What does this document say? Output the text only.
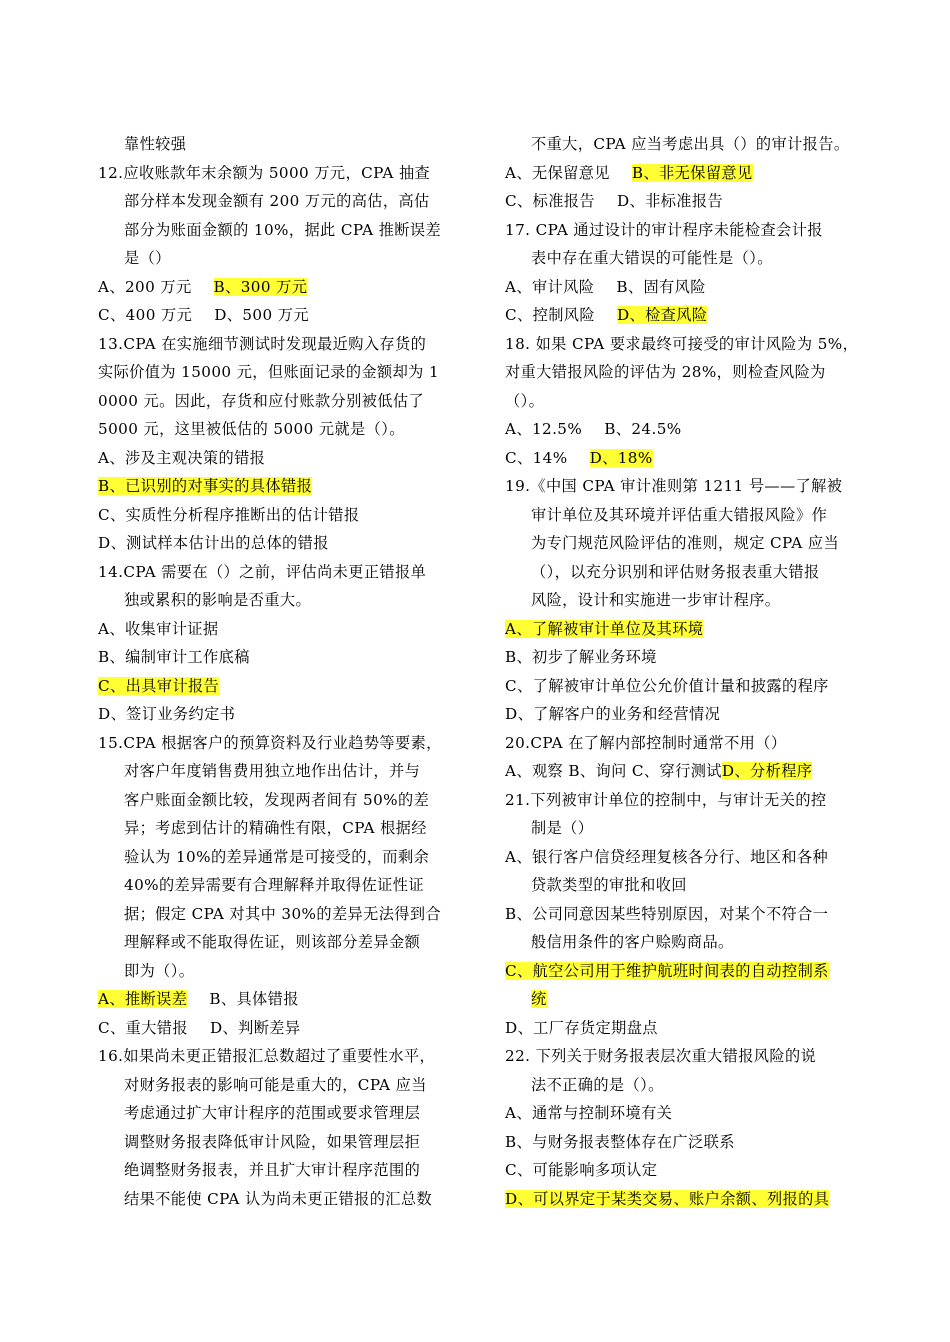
靠性较强
12.应收账款年末余额为 5000 万元，CPA 抽查
部分样本发现金额有 200 万元的高估，高估
部分为账面金额的 10%，据此 CPA 推断误差
是（）
A、200 万元 B、300 万元
C、400 万元 D、500 万元
13.CPA 在实施细节测试时发现最近购入存货的
实际价值为 15000 元，但账面记录的金额却为 1
0000 元。因此，存货和应付账款分别被低估了
5000 元，这里被低估的 5000 元就是（）。
A、涉及主观决策的错报
B、已识别的对事实的具体错报
C、实质性分析程序推断出的估计错报
D、测试样本估计出的总体的错报
14.CPA 需要在（）之前，评估尚未更正错报单
独或累积的影响是否重大。
A、收集审计证据
B、编制审计工作底稿
C、出具审计报告
D、签订业务约定书
15.CPA 根据客户的预算资料及行业趋势等要素，
对客户年度销售费用独立地作出估计，并与
客户账面金额比较，发现两者间有 50%的差
异；考虑到估计的精确性有限，CPA 根据经
验认为 10%的差异通常是可接受的，而剩余
40%的差异需要有合理解释并取得佐证性证
据；假定 CPA 对其中 30%的差异无法得到合
理解释或不能取得佐证，则该部分差异金额
即为（）。
A、推断误差 B、具体错报
C、重大错报 D、判断差异
16.如果尚未更正错报汇总数超过了重要性水平，
对财务报表的影响可能是重大的，CPA 应当
考虑通过扩大审计程序的范围或要求管理层
调整财务报表降低审计风险，如果管理层拒
绝调整财务报表，并且扩大审计程序范围的
结果不能使 CPA 认为尚未更正错报的汇总数
不重大，CPA 应当考虑出具（）的审计报告。
A、无保留意见 B、非无保留意见
C、标准报告 D、非标准报告
17. CPA 通过设计的审计程序未能检查会计报
表中存在重大错误的可能性是（）。
A、审计风险 B、固有风险
C、控制风险 D、检查风险
18. 如果 CPA 要求最终可接受的审计风险为 5%，
对重大错报风险的评估为 28%，则检查风险为
（）。
A、12.5% B、24.5%
C、14% D、18%
19.《中国 CPA 审计准则第 1211 号——了解被
审计单位及其环境并评估重大错报风险》作
为专门规范风险评估的准则，规定 CPA 应当
（），以充分识别和评估财务报表重大错报
风险，设计和实施进一步审计程序。
A、了解被审计单位及其环境
B、初步了解业务环境
C、了解被审计单位公允价值计量和披露的程序
D、了解客户的业务和经营情况
20.CPA 在了解内部控制时通常不用（）
A、观察 B、询问 C、穿行测试D、分析程序
21.下列被审计单位的控制中，与审计无关的控
制是（）
A、银行客户信贷经理复核各分行、地区和各种
贷款类型的审批和收回
B、公司同意因某些特别原因，对某个不符合一
般信用条件的客户赊购商品。
C、航空公司用于维护航班时间表的自动控制系
统
D、工厂存货定期盘点
22. 下列关于财务报表层次重大错报风险的说
法不正确的是（）。
A、通常与控制环境有关
B、与财务报表整体存在广泛联系
C、可能影响多项认定
D、可以界定于某类交易、账户余额、列报的具
